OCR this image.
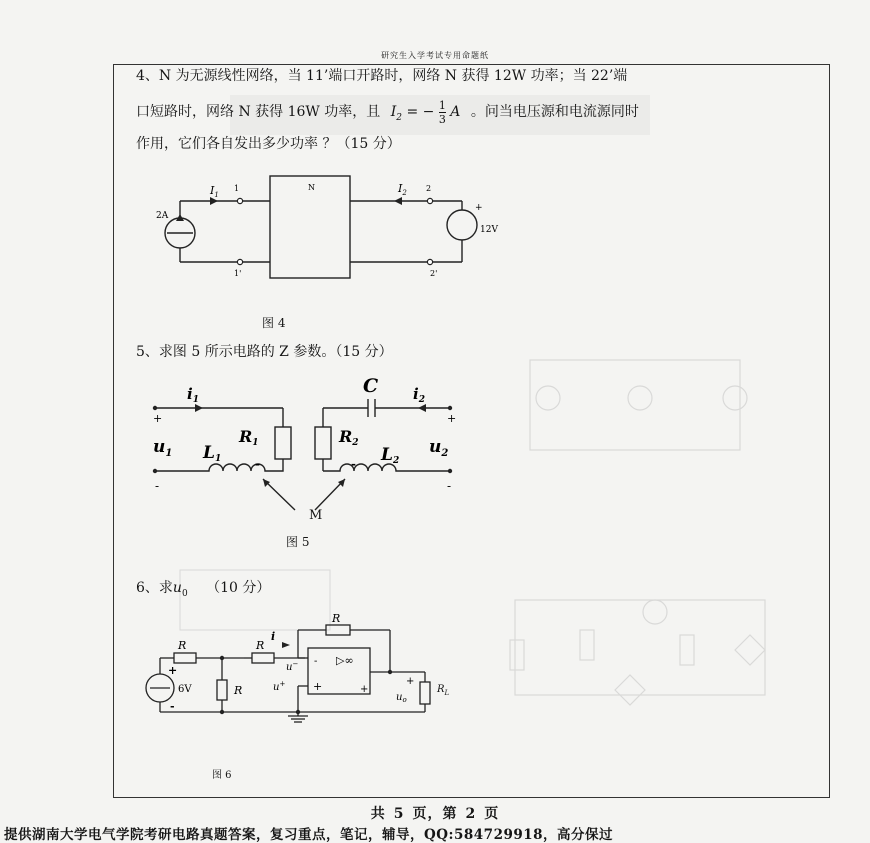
研究生入学考试专用命题纸
4、N 为无源线性网络，当 11’端口开路时，网络 N 获得 12W 功率；当 22’端
口短路时，网络 N 获得 16W 功率，且 $I_2$ = − $\frac{1}{3}$ A 。问当电压源和电流源同时
作用，它们各自发出多少功率 ？（15 分）
2A
$I_1$
1
1'
N	$I_2$ 2
2'
+
12V
图 4
5、求图 5 所示电路的 Z 参数。（15 分）
$i_1$
+
$u_1$
-
R1
L1	-
C $i_2$
+
R2
L2
-
$u_2$
-
M
图 5
6、求$u_0$ （10 分）
R	R
R
R
i
u−
u+
▷∞
-
+	+
+
6V
-
+
$u_o$
$R_L$
图 6
共 5 页，第 2 页
提供湖南大学电气学院考研电路真题答案，复习重点，笔记，辅导，QQ:584729918，高分保过
